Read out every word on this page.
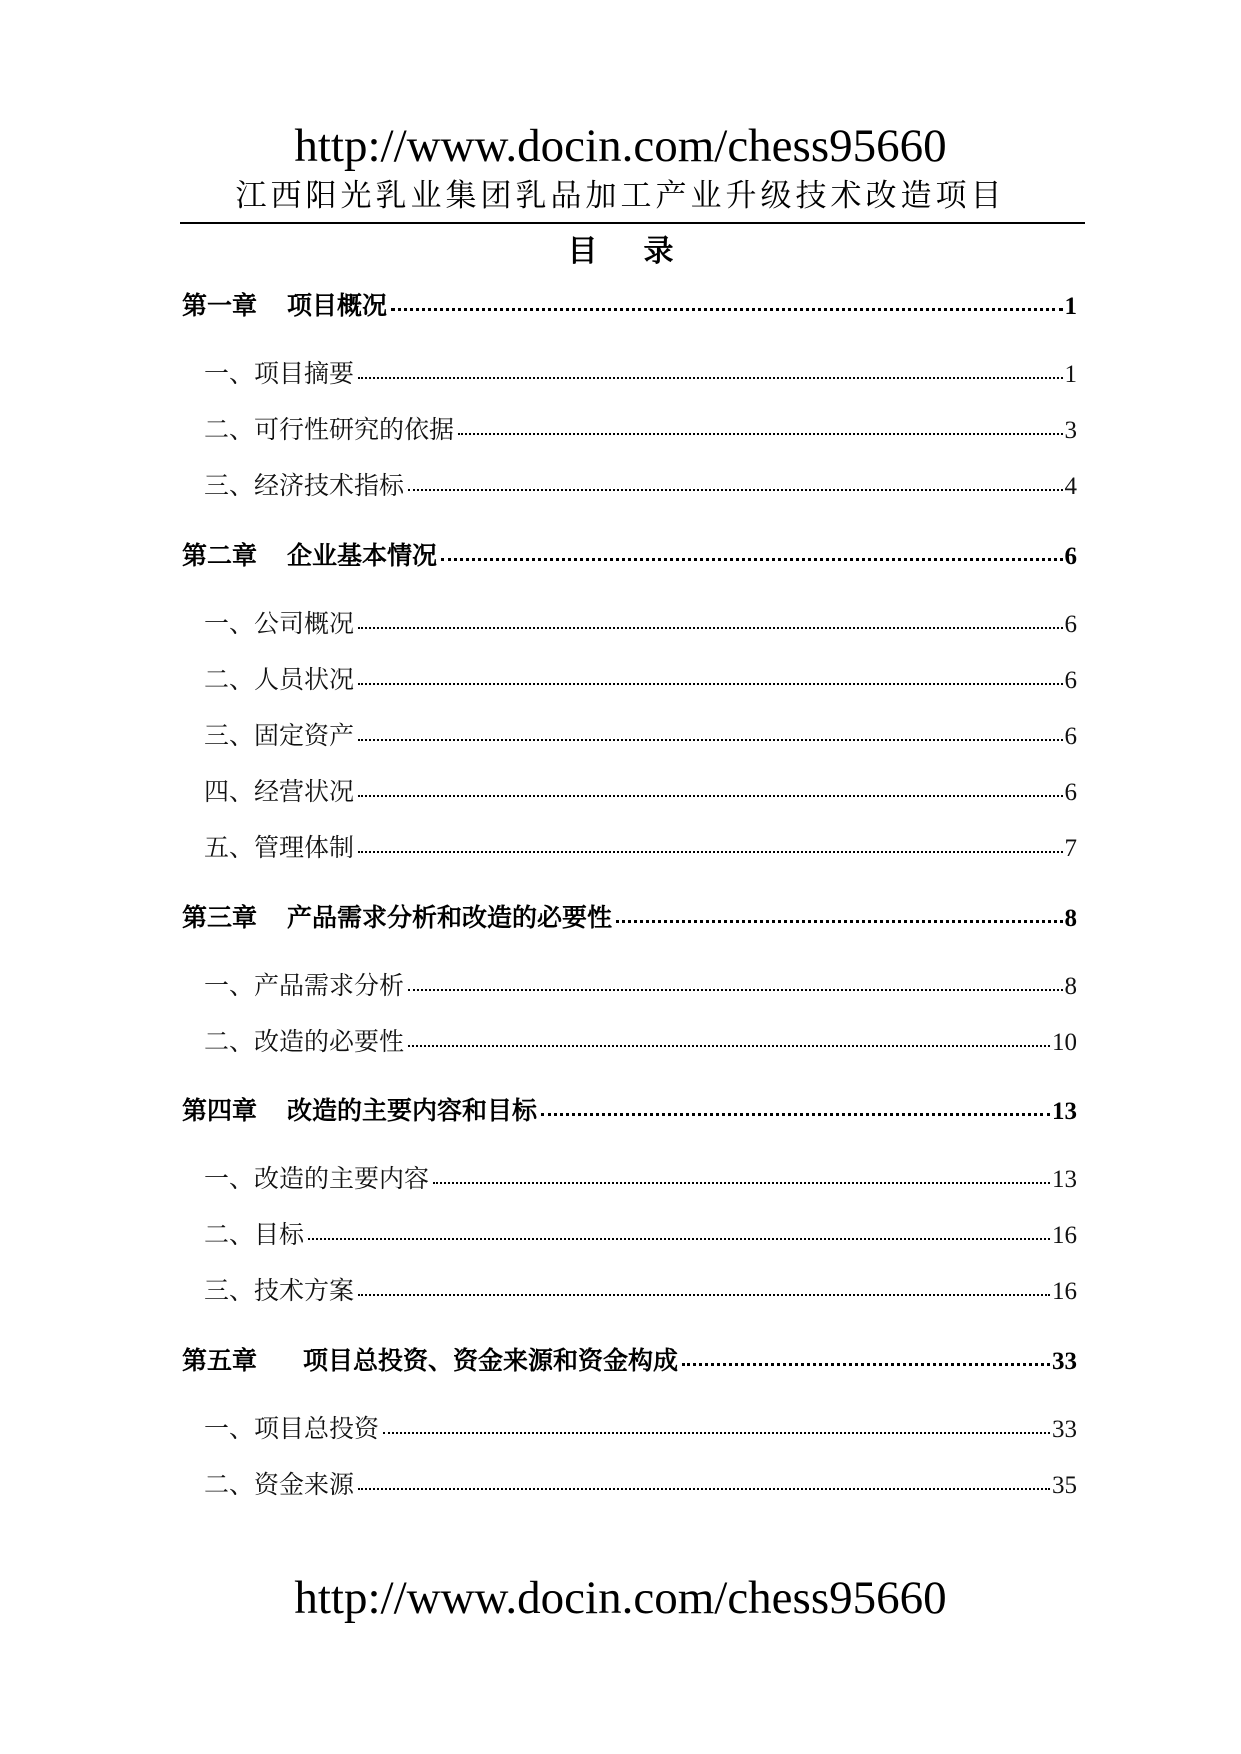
http://www.docin.com/chess95660
江西阳光乳业集团乳品加工产业升级技术改造项目
目录
第一章 项目概况	1
一、项目摘要	1
二、可行性研究的依据	3
三、经济技术指标	4
第二章 企业基本情况	6
一、公司概况	6
二、人员状况	6
三、固定资产	6
四、经营状况	6
五、管理体制	7
第三章 产品需求分析和改造的必要性	8
一、产品需求分析	8
二、改造的必要性	10
第四章 改造的主要内容和目标	13
一、改造的主要内容	13
二、目标	16
三、技术方案	16
第五章 项目总投资、资金来源和资金构成	33
一、项目总投资	33
二、资金来源	35
http://www.docin.com/chess95660
